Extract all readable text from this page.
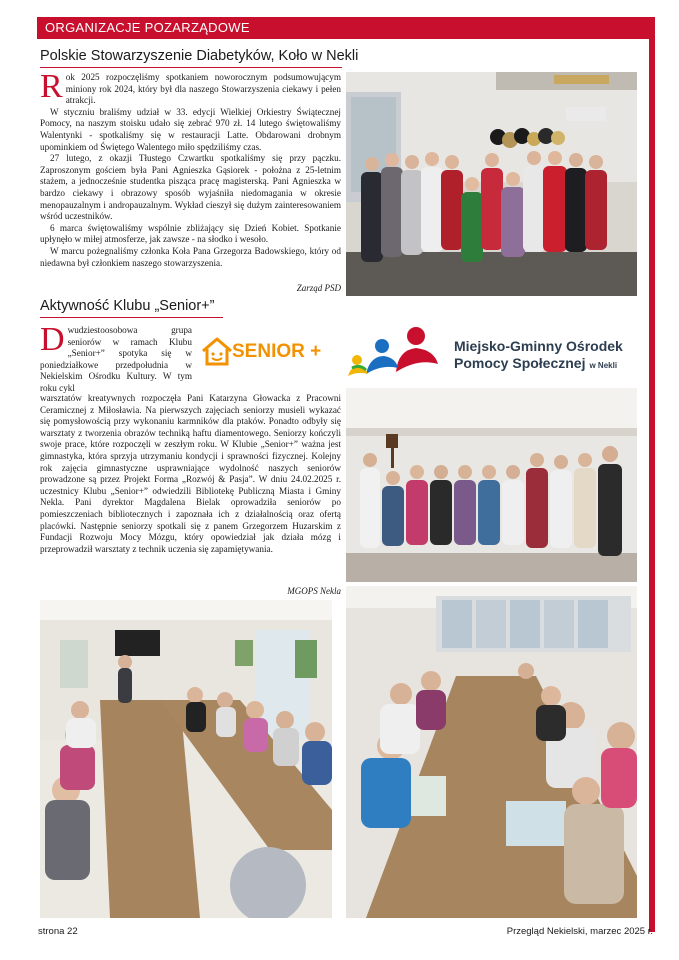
ORGANIZACJE POZARZĄDOWE
Polskie Stowarzyszenie Diabetyków, Koło w Nekli

Rok 2025 rozpoczęliśmy spotkaniem noworocznym podsumowującym miniony rok 2024, który był dla naszego Stowarzyszenia ciekawy i pełen atrakcji.

W styczniu braliśmy udział w 33. edycji Wielkiej Orkiestry Świątecznej Pomocy, na naszym stoisku udało się zebrać 970 zł. 14 lutego świętowaliśmy Walentynki - spotkaliśmy się w restauracji Latte. Obdarowani drobnym upominkiem od Świętego Walentego miło spędziliśmy czas.

27 lutego, z okazji Tłustego Czwartku spotkaliśmy się przy pączku. Zaproszonym gościem była Pani Agnieszka Gąsiorek - położna z 25-letnim stażem, a jednocześnie studentka pisząca pracę magisterską. Pani Agnieszka w bardzo ciekawy i obrazowy sposób wyjaśniła niedomagania w okresie menopauzalnym i andropauzalnym. Wykład cieszył się dużym zainteresowaniem wśród uczestników.

6 marca świętowaliśmy wspólnie zbliżający się Dzień Kobiet. Spotkanie upłynęło w miłej atmosferze, jak zawsze - na słodko i wesoło.

W marcu pożegnaliśmy członka Koła Pana Grzegorza Badowskiego, który od niedawna był członkiem naszego stowarzyszenia.

Zarząd PSD
Aktywność Klubu „Senior+”

Dwudziestoosobowa grupa seniorów w ramach Klubu „Senior+” spotyka się w poniedziałkowe przedpołudnia w Nekielskim Ośrodku Kultury. W tym roku cykl

warsztatów kreatywnych rozpoczęła Pani Katarzyna Głowacka z Pracowni Ceramicznej z Miłosławia. Na pierwszych zajęciach seniorzy musieli wykazać się pomysłowością przy wykonaniu karmników dla ptaków. Ponadto odbyły się warsztaty z tworzenia obrazów techniką haftu diamentowego. Seniorzy kończyli swoje prace, które rozpoczęli w zeszłym roku. W Klubie „Senior+” ważna jest gimnastyka, która sprzyja utrzymaniu kondycji i sprawności fizycznej. Kolejny rok zajęcia gimnastyczne usprawniające wydolność naszych seniorów prowadzone są przez Projekt Forma „Rozwój & Pasja”. W dniu 24.02.2025 r. uczestnicy Klubu „Senior+” odwiedzili Bibliotekę Publiczną Miasta i Gminy Nekla. Pani dyrektor Magdalena Bielak oprowadziła seniorów po pomieszczeniach bibliotecznych i zapoznała ich z działalnością oraz ofertą placówki. Następnie seniorzy spotkali się z panem Grzegorzem Huzarskim z Fundacji Rozwoju Mocy Mózgu, który opowiedział jak działa mózg i przeprowadził warsztaty z technik uczenia się zapamiętywania.

MGOPS Nekla
SENIOR +	Miejsko-Gminny Ośrodek
Pomocy Społecznej w Nekli
strona 22	Przegląd Nekielski, marzec 2025 r.
